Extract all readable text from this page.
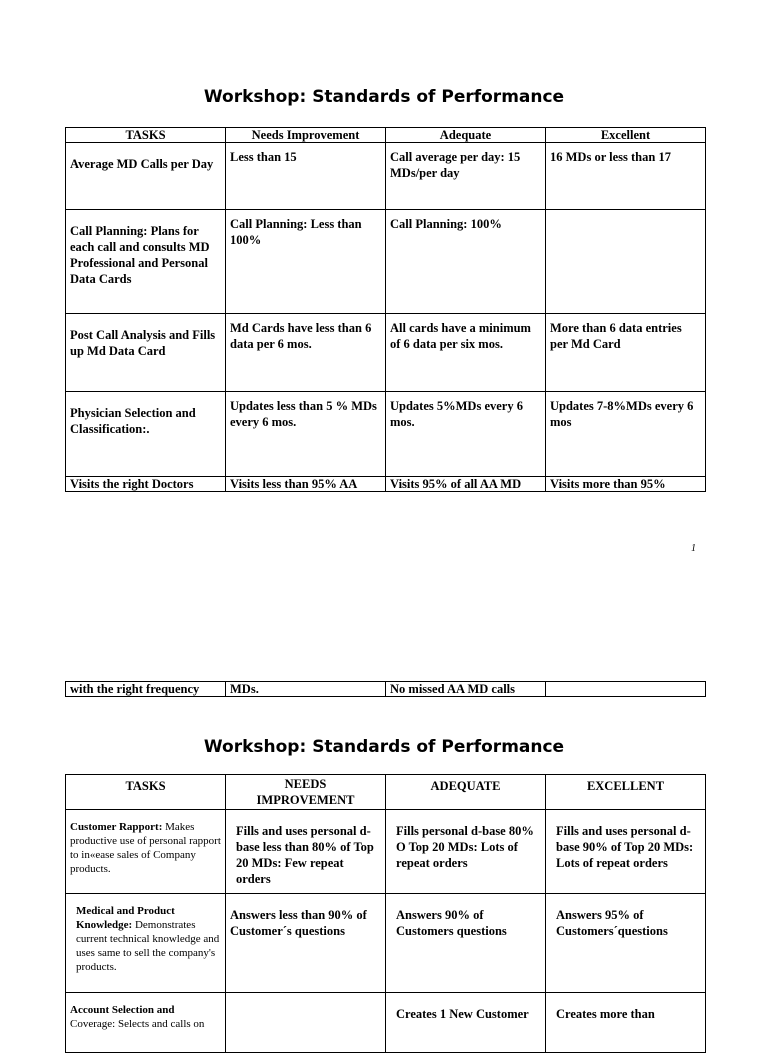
Workshop: Standards of Performance
TASKS	Needs Improvement	Adequate	Excellent
Average MD Calls per Day	Less than 15	Call average per day: 15 MDs/per day	16 MDs or less than 17
Call Planning: Plans for each call and consults MD Professional and Personal Data Cards	Call Planning: Less than 100%	Call Planning: 100%	
Post Call Analysis and Fills up Md Data Card	Md Cards have less than 6 data per 6 mos.	All cards have a minimum of 6 data per six mos.	More than 6 data entries per Md Card
Physician Selection and Classification:.	Updates less than 5 % MDs every 6 mos.	Updates 5%MDs every 6 mos.	Updates 7-8%MDs every 6 mos
Visits the right Doctors	Visits less than 95% AA	Visits 95% of all AA MD	Visits more than 95%
1
with the right frequency	MDs.	No missed AA MD calls	
Workshop: Standards of Performance
TASKS	NEEDS IMPROVEMENT	ADEQUATE	EXCELLENT
Customer Rapport: Makes productive use of personal rapport to in«ease sales of Company products.	Fills and uses personal d-base less than 80% of Top 20 MDs: Few repeat orders	Fills personal d-base 80% O Top 20 MDs: Lots of repeat orders	Fills and uses personal d-base 90% of Top 20 MDs: Lots of repeat orders
Medical and Product Knowledge: Demonstrates current technical knowledge and uses same to sell the company's products.	Answers less than 90% of Customer´s questions	Answers 90% of Customers questions	Answers 95% of Customers´questions
Account Selection and Coverage: Selects and calls on		Creates 1 New Customer	Creates more than
